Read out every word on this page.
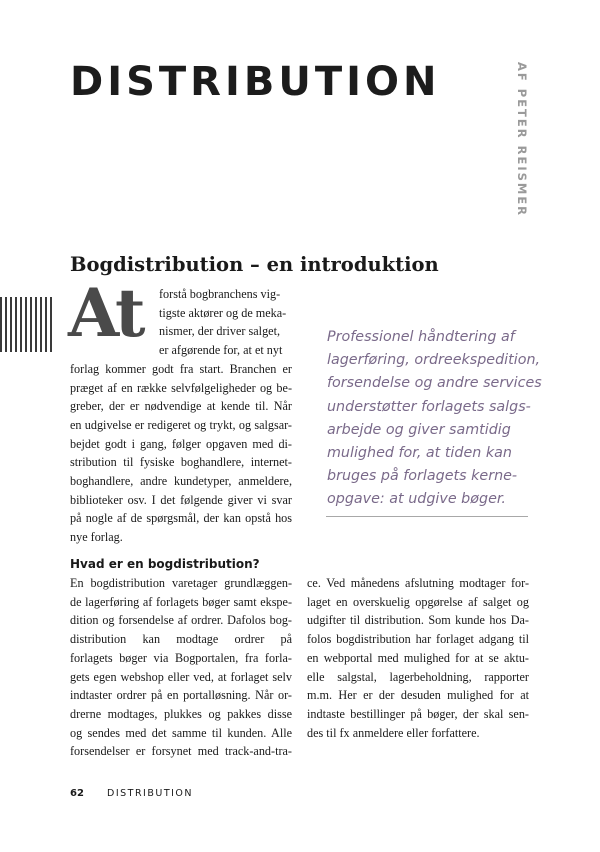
DISTRIBUTION	AF PETER REISMER
Bogdistribution – en introduktion
At forstå bogbranchens vig-
tigste aktører og de meka-
nismer, der driver salget,
er afgørende for, at et nyt
forlag kommer godt fra start. Branchen er
præget af en række selvfølgeligheder og be-
greber, der er nødvendige at kende til. Når
en udgivelse er redigeret og trykt, og salgsar-
bejdet godt i gang, følger opgaven med di-
stribution til fysiske boghandlere, internet-
boghandlere, andre kundetyper, anmeldere,
biblioteker osv. I det følgende giver vi svar
på nogle af de spørgsmål, der kan opstå hos
nye forlag.
Professionel håndtering af
lagerføring, ordreekspedition,
forsendelse og andre services
understøtter forlagets salgs-
arbejde og giver samtidig
mulighed for, at tiden kan
bruges på forlagets kerne-
opgave: at udgive bøger.
Hvad er en bogdistribution?
En bogdistribution varetager grundlæggen-
de lagerføring af forlagets bøger samt ekspe-
dition og forsendelse af ordrer. Dafolos bog-
distribution kan modtage ordrer på
forlagets bøger via Bogportalen, fra forla-
gets egen webshop eller ved, at forlaget selv
indtaster ordrer på en portalløsning. Når or-
drerne modtages, plukkes og pakkes disse
og sendes med det samme til kunden. Alle
forsendelser er forsynet med track-and-tra-
ce. Ved månedens afslutning modtager for-
laget en overskuelig opgørelse af salget og
udgifter til distribution. Som kunde hos Da-
folos bogdistribution har forlaget adgang til
en webportal med mulighed for at se aktu-
elle salgstal, lagerbeholdning, rapporter
m.m. Her er der desuden mulighed for at
indtaste bestillinger på bøger, der skal sen-
des til fx anmeldere eller forfattere.
62 DISTRIBUTION
